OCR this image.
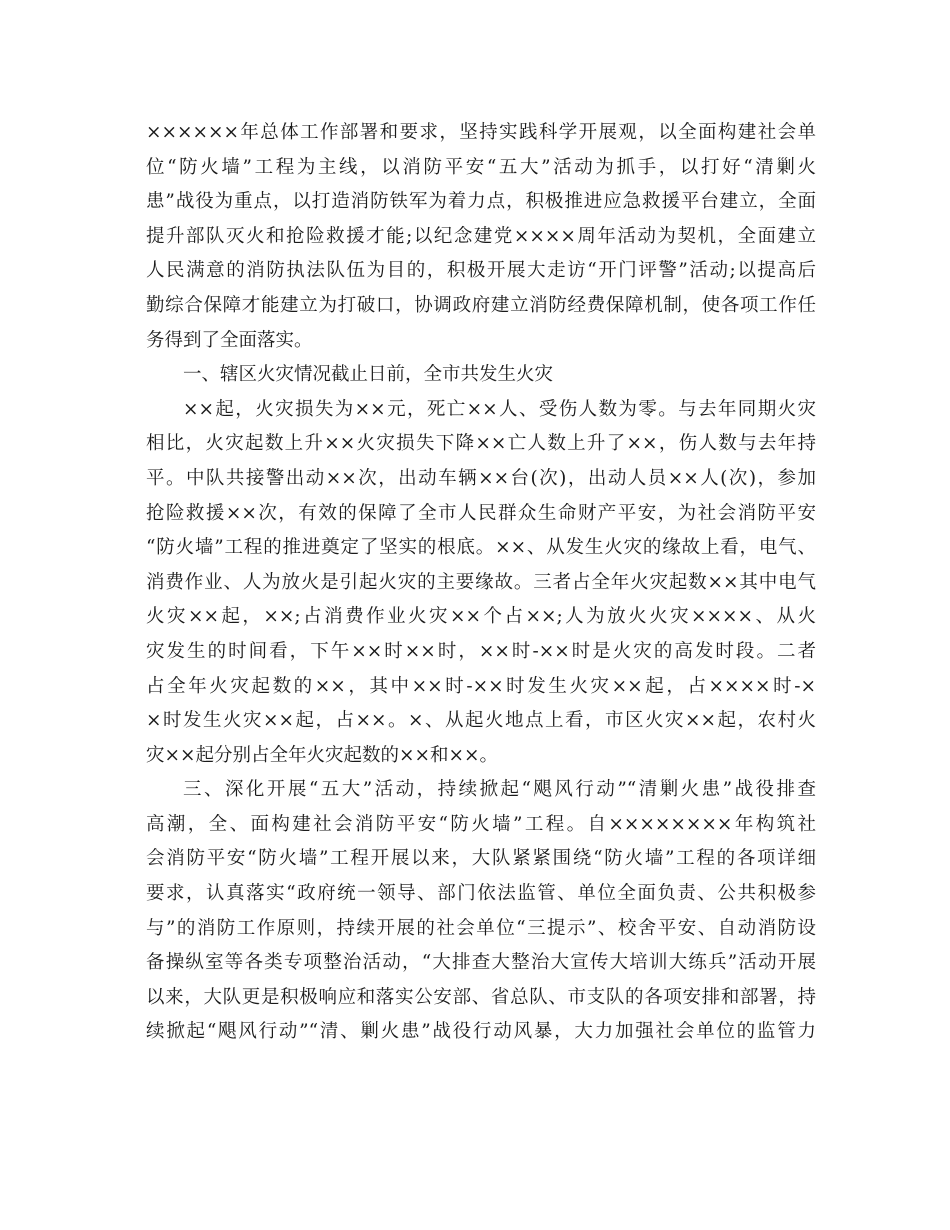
××××××年总体工作部署和要求，坚持实践科学开展观，以全面构建社会单
位“防火墙”工程为主线，以消防平安“五大”活动为抓手，以打好“清剿火
患”战役为重点，以打造消防铁军为着力点，积极推进应急救援平台建立，全面
提升部队灭火和抢险救援才能;以纪念建党××××周年活动为契机，全面建立
人民满意的消防执法队伍为目的，积极开展大走访“开门评警”活动;以提高后
勤综合保障才能建立为打破口，协调政府建立消防经费保障机制，使各项工作任
务得到了全面落实。
一、辖区火灾情况截止日前，全市共发生火灾
××起，火灾损失为××元，死亡××人、受伤人数为零。与去年同期火灾
相比，火灾起数上升××火灾损失下降××亡人数上升了××，伤人数与去年持
平。中队共接警出动××次，出动车辆××台(次)，出动人员××人(次)，参加
抢险救援××次，有效的保障了全市人民群众生命财产平安，为社会消防平安
“防火墙”工程的推进奠定了坚实的根底。××、从发生火灾的缘故上看，电气、
消费作业、人为放火是引起火灾的主要缘故。三者占全年火灾起数××其中电气
火灾××起，××;占消费作业火灾××个占××;人为放火火灾××××、从火
灾发生的时间看，下午××时××时，××时-××时是火灾的高发时段。二者
占全年火灾起数的××，其中××时-××时发生火灾××起，占××××时-×
×时发生火灾××起，占××。×、从起火地点上看，市区火灾××起，农村火
灾××起分别占全年火灾起数的××和××。
三、深化开展“五大”活动，持续掀起“飓风行动”“清剿火患”战役排查
高潮，全、面构建社会消防平安“防火墙”工程。自××××××××年构筑社
会消防平安“防火墙”工程开展以来，大队紧紧围绕“防火墙”工程的各项详细
要求，认真落实“政府统一领导、部门依法监管、单位全面负责、公共积极参
与”的消防工作原则，持续开展的社会单位“三提示”、校舍平安、自动消防设
备操纵室等各类专项整治活动，“大排查大整治大宣传大培训大练兵”活动开展
以来，大队更是积极响应和落实公安部、省总队、市支队的各项安排和部署，持
续掀起“飓风行动”“清、剿火患”战役行动风暴，大力加强社会单位的监管力
